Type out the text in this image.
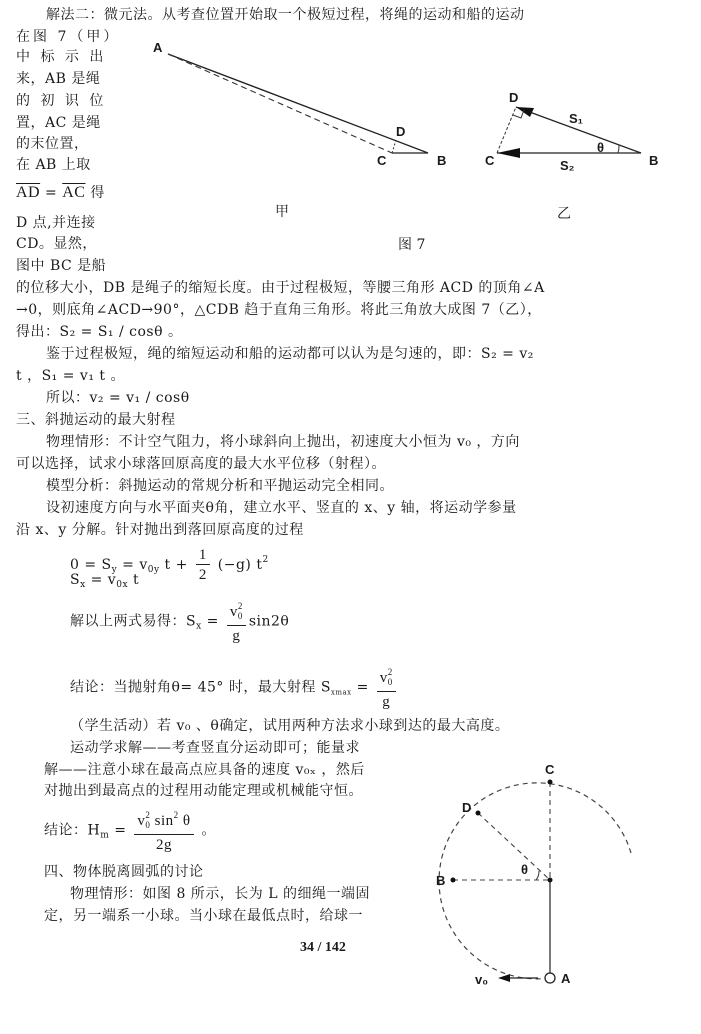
解法二：微元法。从考查位置开始取一个极短过程，将绳的运动和船的运动
在图 7（甲）
中 标 示 出
来，AB 是绳
的 初 识 位
置，AC 是绳
的末位置，
在 AB 上取
$\overline{AD} = \overline{AC}$ 得
D 点,并连接
CD。显然，
图中 BC 是船
的位移大小，DB 是绳子的缩短长度。由于过程极短，等腰三角形 ACD 的顶角∠A
→0，则底角∠ACD→90°，△CDB 趋于直角三角形。将此三角放大成图 7（乙），
得出：S₂ = S₁ / cosθ 。
A
D
C	B
甲
图 7
D
S₁
θ
C	S₂	B
乙
鉴于过程极短，绳的缩短运动和船的运动都可以认为是匀速的，即：S₂ = v₂
t ，S₁ = v₁ t 。
所以：v₂ = v₁ / cosθ
三、斜抛运动的最大射程
物理情形：不计空气阻力，将小球斜向上抛出，初速度大小恒为 v₀ ，方向
可以选择，试求小球落回原高度的最大水平位移（射程）。
模型分析：斜抛运动的常规分析和平抛运动完全相同。
设初速度方向与水平面夹θ角，建立水平、竖直的 x、y 轴，将运动学参量
沿 x、y 分解。针对抛出到落回原高度的过程
$0 = S_y = v_{0y}$ $t + \frac{1}{2} (-g)$ $t^2$
$S_x = v_{0x}$ t
解以上两式易得：$S_x = \frac{v^2_0}{g} \sin 2\theta$
结论：当抛射角θ= 45° 时，最大射程 $S_{xmax} = \frac{v^2_0}{g}$
（学生活动）若 v₀ 、θ确定，试用两种方法求小球到达的最大高度。
运动学求解——考查竖直分运动即可；能量求
解——注意小球在最高点应具备的速度 v₀ₓ ，然后
对抛出到最高点的过程用动能定理或机械能守恒。
结论：$H_m = \frac{v^2_0 \sin^2 \theta}{2g}$ 。
四、物体脱离圆弧的讨论
物理情形：如图 8 所示，长为 L 的细绳一端固
定，另一端系一小球。当小球在最低点时，给球一
C
D
B
θ
A
v₀
34 / 142
